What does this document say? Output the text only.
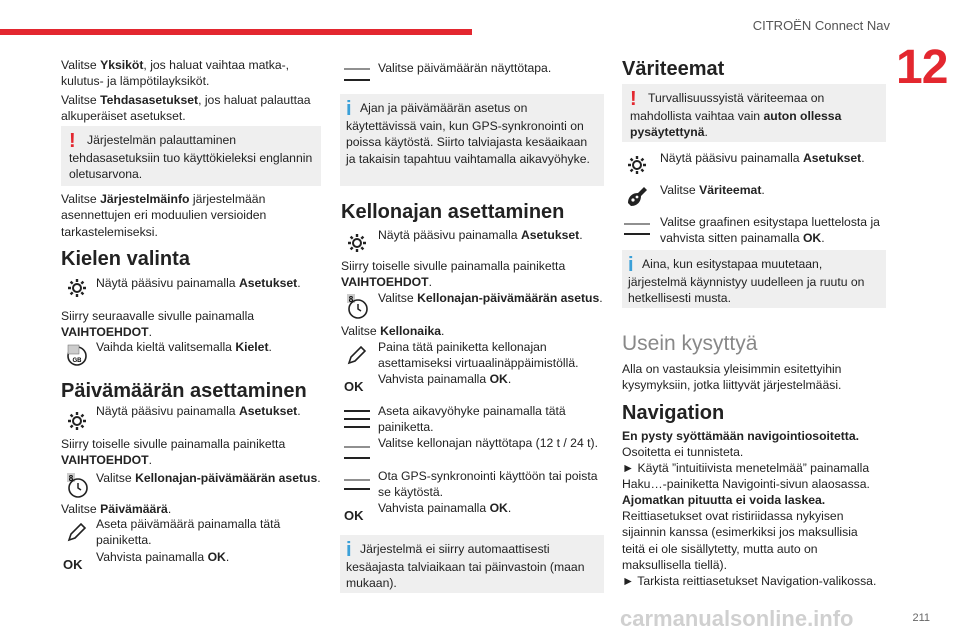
CITROËN Connect Nav
12
211
Valitse Yksiköt, jos haluat vaihtaa matka-, kulutus- ja lämpötilayksiköt.
Valitse Tehdasasetukset, jos haluat palauttaa alkuperäiset asetukset.
! Järjestelmän palauttaminen tehdasasetuksiin tuo käyttökieleksi englannin oletusarvona.
Valitse Järjestelmäinfo järjestelmään asennettujen eri moduulien versioiden tarkastelemiseksi.
Kielen valinta
Näytä pääsivu painamalla Asetukset.
Siirry seuraavalle sivulle painamalla VAIHTOEHDOT.
GB
Vaihda kieltä valitsemalla Kielet.
Päivämäärän asettaminen
Näytä pääsivu painamalla Asetukset.
Siirry toiselle sivulle painamalla painiketta VAIHTOEHDOT.
8 Valitse Kellonajan-päivämäärän asetus.
Valitse Päivämäärä.
Aseta päivämäärä painamalla tätä painiketta.
OK Vahvista painamalla OK.
Valitse päivämäärän näyttötapa.
i Ajan ja päivämäärän asetus on käytettävissä vain, kun GPS-synkronointi on poissa käytöstä. Siirto talviajasta kesäaikaan ja takaisin tapahtuu vaihtamalla aikavyöhyke.
Kellonajan asettaminen
Näytä pääsivu painamalla Asetukset.
Siirry toiselle sivulle painamalla painiketta VAIHTOEHDOT.
8 Valitse Kellonajan-päivämäärän asetus.
Valitse Kellonaika.
Paina tätä painiketta kellonajan asettamiseksi virtuaalinäppäimistöllä.
OK Vahvista painamalla OK.
Aseta aikavyöhyke painamalla tätä painiketta.
Valitse kellonajan näyttötapa (12 t / 24 t).
Ota GPS-synkronointi käyttöön tai poista se käytöstä.
OK Vahvista painamalla OK.
i Järjestelmä ei siirry automaattisesti kesäajasta talviaikaan tai päinvastoin (maan mukaan).
Väriteemat
! Turvallisuussyistä väriteemaa on mahdollista vaihtaa vain auton ollessa pysäytettynä.
Näytä pääsivu painamalla Asetukset.
Valitse Väriteemat.
Valitse graafinen esitystapa luettelosta ja vahvista sitten painamalla OK.
i Aina, kun esitystapaa muutetaan, järjestelmä käynnistyy uudelleen ja ruutu on hetkellisesti musta.
Usein kysyttyä
Alla on vastauksia yleisimmin esitettyihin kysymyksiin, jotka liittyvät järjestelmääsi.
Navigation
En pysty syöttämään navigointiosoitetta.
Osoitetta ei tunnisteta.
► Käytä ”intuitiivista menetelmää” painamalla Haku…-painiketta Navigointi-sivun alaosassa.
Ajomatkan pituutta ei voida laskea.
Reittiasetukset ovat ristiriidassa nykyisen sijainnin kanssa (esimerkiksi jos maksullisia teitä ei ole sisällytetty, mutta auto on maksullisella tiellä).
► Tarkista reittiasetukset Navigation-valikossa.
carmanualsonline.info
